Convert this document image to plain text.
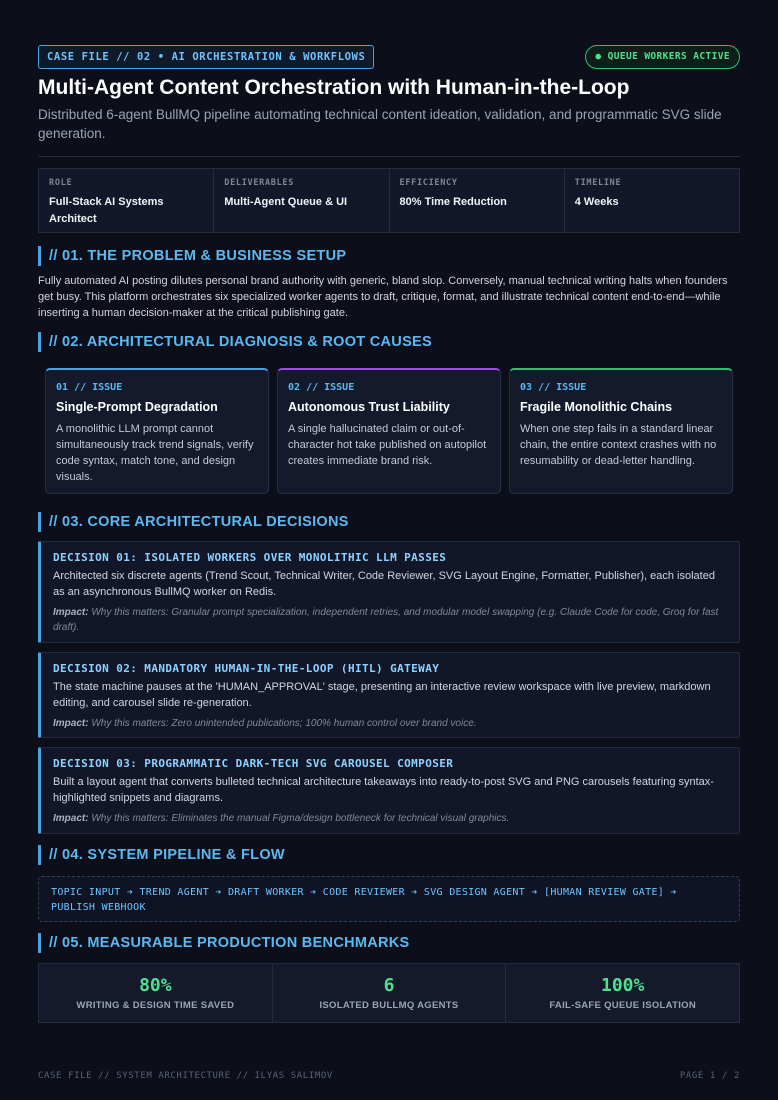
CASE FILE // 02 • AI ORCHESTRATION & WORKFLOWS	● QUEUE WORKERS ACTIVE
Multi-Agent Content Orchestration with Human-in-the-Loop

Distributed 6-agent BullMQ pipeline automating technical content ideation, validation, and programmatic SVG slide generation.

ROLE
Full-Stack AI Systems Architect
DELIVERABLES
Multi-Agent Queue & UI
EFFICIENCY
80% Time Reduction
TIMELINE
4 Weeks
// 01. THE PROBLEM & BUSINESS SETUP

Fully automated AI posting dilutes personal brand authority with generic, bland slop. Conversely, manual technical writing halts when founders get busy. This platform orchestrates six specialized worker agents to draft, critique, format, and illustrate technical content end-to-end—while inserting a human decision-maker at the critical publishing gate.

// 02. ARCHITECTURAL DIAGNOSIS & ROOT CAUSES
01 // ISSUE
Single-Prompt Degradation
A monolithic LLM prompt cannot simultaneously track trend signals, verify code syntax, match tone, and design visuals.
02 // ISSUE
Autonomous Trust Liability
A single hallucinated claim or out-of-character hot take published on autopilot creates immediate brand risk.
03 // ISSUE
Fragile Monolithic Chains
When one step fails in a standard linear chain, the entire context crashes with no resumability or dead-letter handling.
// 03. CORE ARCHITECTURAL DECISIONS
DECISION 01: ISOLATED WORKERS OVER MONOLITHIC LLM PASSES
Architected six discrete agents (Trend Scout, Technical Writer, Code Reviewer, SVG Layout Engine, Formatter, Publisher), each isolated as an asynchronous BullMQ worker on Redis.
Impact: Why this matters: Granular prompt specialization, independent retries, and modular model swapping (e.g. Claude Code for code, Groq for fast draft).
DECISION 02: MANDATORY HUMAN-IN-THE-LOOP (HITL) GATEWAY
The state machine pauses at the 'HUMAN_APPROVAL' stage, presenting an interactive review workspace with live preview, markdown editing, and carousel slide re-generation.
Impact: Why this matters: Zero unintended publications; 100% human control over brand voice.
DECISION 03: PROGRAMMATIC DARK-TECH SVG CAROUSEL COMPOSER
Built a layout agent that converts bulleted technical architecture takeaways into ready-to-post SVG and PNG carousels featuring syntax-highlighted snippets and diagrams.
Impact: Why this matters: Eliminates the manual Figma/design bottleneck for technical visual graphics.
// 04. SYSTEM PIPELINE & FLOW
TOPIC INPUT ➔ TREND AGENT ➔ DRAFT WORKER ➔ CODE REVIEWER ➔ SVG DESIGN AGENT ➔ [HUMAN REVIEW GATE] ➔ PUBLISH WEBHOOK
// 05. MEASURABLE PRODUCTION BENCHMARKS
80%
WRITING & DESIGN TIME SAVED
6
ISOLATED BULLMQ AGENTS
100%
FAIL-SAFE QUEUE ISOLATION
CASE FILE // SYSTEM ARCHITECTURE // ILYAS SALIMOV	PAGE 1 / 2
